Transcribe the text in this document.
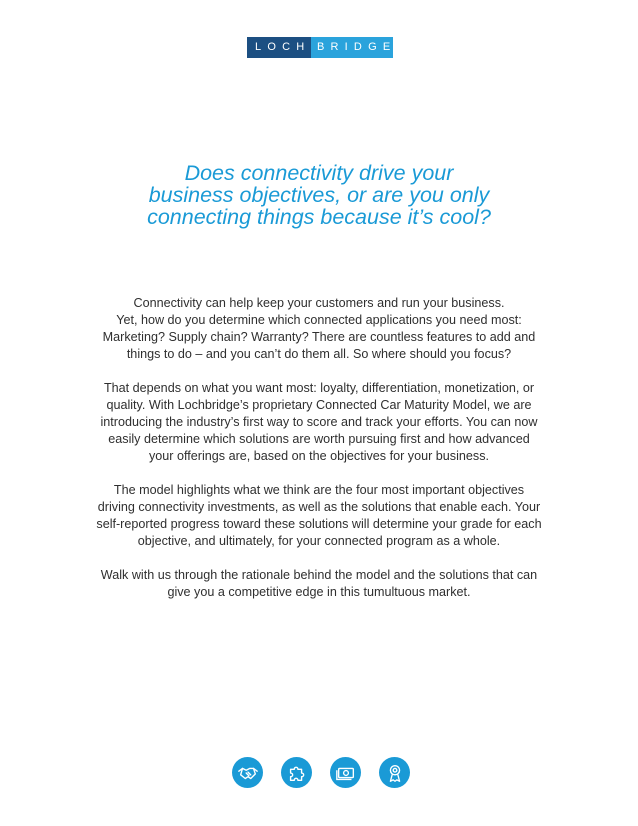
LOCH BRIDGE
Does connectivity drive your
business objectives, or are you only
connecting things because it’s cool?

Connectivity can help keep your customers and run your business.
Yet, how do you determine which connected applications you need most:
Marketing? Supply chain? Warranty? There are countless features to add and
things to do – and you can’t do them all. So where should you focus?

That depends on what you want most: loyalty, differentiation, monetization, or
quality. With Lochbridge’s proprietary Connected Car Maturity Model, we are
introducing the industry’s first way to score and track your efforts. You can now
easily determine which solutions are worth pursuing first and how advanced
your offerings are, based on the objectives for your business.

The model highlights what we think are the four most important objectives
driving connectivity investments, as well as the solutions that enable each. Your
self-reported progress toward these solutions will determine your grade for each
objective, and ultimately, for your connected program as a whole.

Walk with us through the rationale behind the model and the solutions that can
give you a competitive edge in this tumultuous market.
